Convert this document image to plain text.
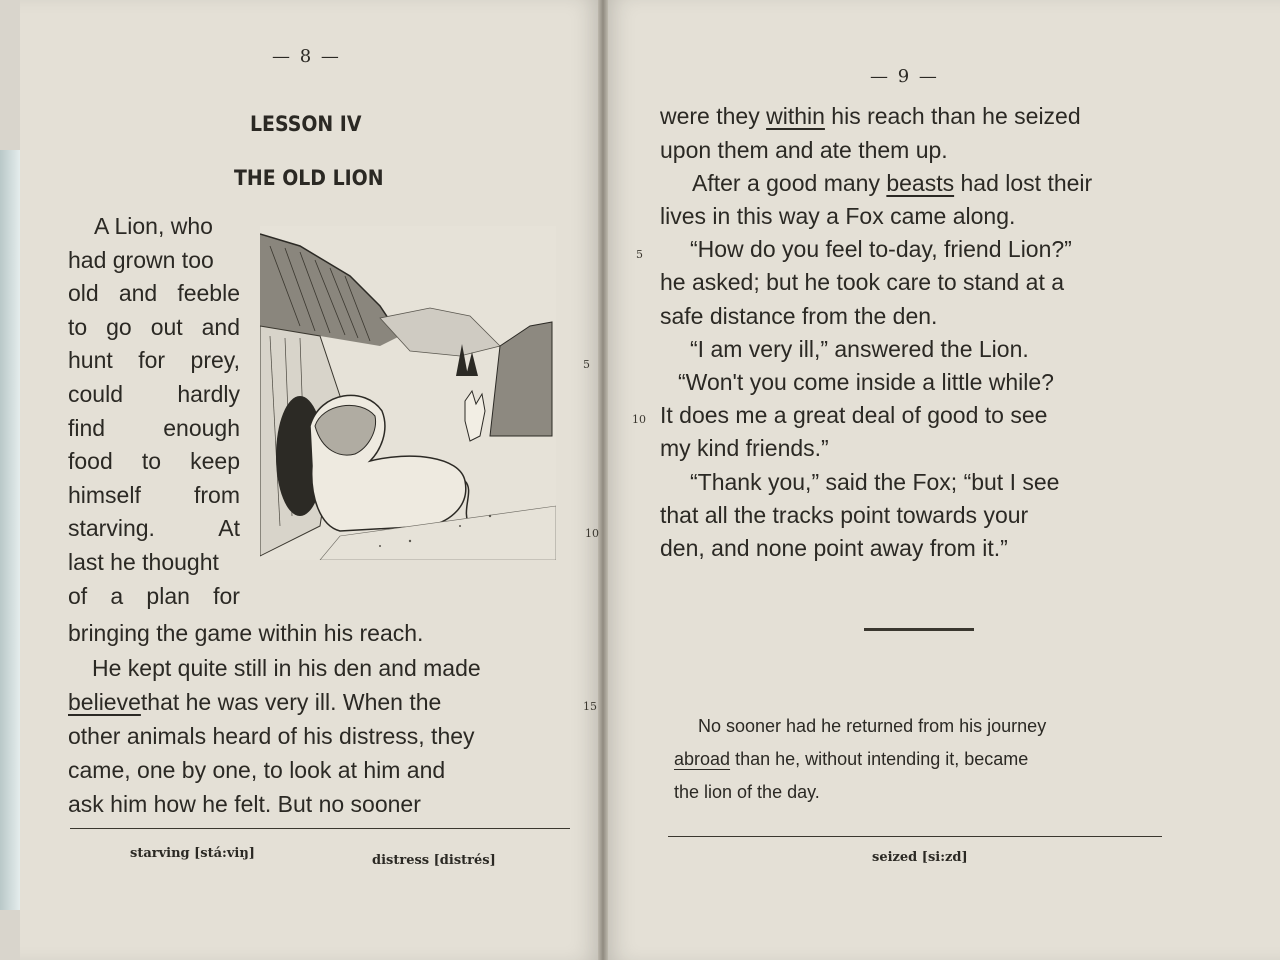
— 8 —
LESSON IV
THE OLD LION
A Lion, who
had grown too
old and feeble
to go out and
hunt for prey,
could hardly
find	enough
food to keep
himself from
starving.	At
last he thought
of a plan for
bringing the game within his reach.
He kept quite still in his den and made
believethat he was very ill. When the
other animals heard of his distress, they
came, one by one, to look at him and
ask him how he felt. But no sooner
5
10
15
starving [stá:viŋ]	distress [distrés]
— 9 —
were they within his reach than he seized
upon them and ate them up.
After a good many beasts had lost their
lives in this way a Fox came along.
“How do you feel to-day, friend Lion?”
he asked; but he took care to stand at a
safe distance from the den.
“I am very ill,” answered the Lion.
“Won't you come inside a little while?
It does me a great deal of good to see
my kind friends.”
“Thank you,” said the Fox; “but I see
that all the tracks point towards your
den, and none point away from it.”
5
10
No sooner had he returned from his journey
abroad than he, without intending it, became
the lion of the day.
seized [si:zd]
